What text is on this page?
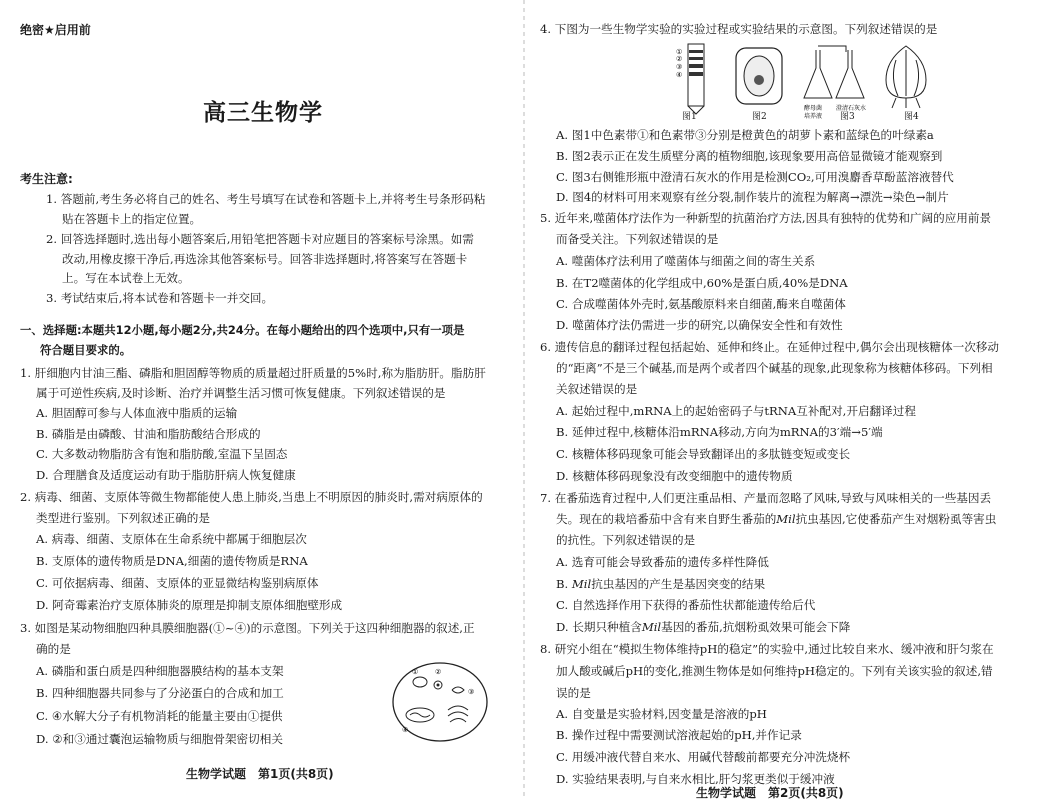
绝密★启用前
高三生物学
考生注意:
1. 答题前,考生务必将自己的姓名、考生号填写在试卷和答题卡上,并将考生号条形码粘
贴在答题卡上的指定位置。
2. 回答选择题时,选出每小题答案后,用铅笔把答题卡对应题目的答案标号涂黑。如需
改动,用橡皮擦干净后,再选涂其他答案标号。回答非选择题时,将答案写在答题卡
上。写在本试卷上无效。
3. 考试结束后,将本试卷和答题卡一并交回。
一、选择题:本题共12小题,每小题2分,共24分。在每小题给出的四个选项中,只有一项是
符合题目要求的。
1. 肝细胞内甘油三酯、磷脂和胆固醇等物质的质量超过肝质量的5%时,称为脂肪肝。脂肪肝
属于可逆性疾病,及时诊断、治疗并调整生活习惯可恢复健康。下列叙述错误的是
A. 胆固醇可参与人体血液中脂质的运输
B. 磷脂是由磷酸、甘油和脂肪酸结合形成的
C. 大多数动物脂肪含有饱和脂肪酸,室温下呈固态
D. 合理膳食及适度运动有助于脂肪肝病人恢复健康
2. 病毒、细菌、支原体等微生物都能使人患上肺炎,当患上不明原因的肺炎时,需对病原体的
类型进行鉴别。下列叙述正确的是
A. 病毒、细菌、支原体在生命系统中都属于细胞层次
B. 支原体的遗传物质是DNA,细菌的遗传物质是RNA
C. 可依据病毒、细菌、支原体的亚显微结构鉴别病原体
D. 阿奇霉素治疗支原体肺炎的原理是抑制支原体细胞壁形成
3. 如图是某动物细胞四种具膜细胞器(①~④)的示意图。下列关于这四种细胞器的叙述,正
确的是
A. 磷脂和蛋白质是四种细胞器膜结构的基本支架
B. 四种细胞器共同参与了分泌蛋白的合成和加工
C. ④水解大分子有机物消耗的能量主要由①提供
D. ②和③通过囊泡运输物质与细胞骨架密切相关
① ②
③
④
生物学试题　第1页(共8页)
4. 下图为一些生物学实验的实验过程或实验结果的示意图。下列叙述错误的是
①
②
③
④
酵母菌
培养液
澄清石灰水
图1	图2	图3	图4
A. 图1中色素带①和色素带③分别是橙黄色的胡萝卜素和蓝绿色的叶绿素a
B. 图2表示正在发生质壁分离的植物细胞,该现象要用高倍显微镜才能观察到
C. 图3右侧锥形瓶中澄清石灰水的作用是检测CO₂,可用溴麝香草酚蓝溶液替代
D. 图4的材料可用来观察有丝分裂,制作装片的流程为解离→漂洗→染色→制片
5. 近年来,噬菌体疗法作为一种新型的抗菌治疗方法,因具有独特的优势和广阔的应用前景
而备受关注。下列叙述错误的是
A. 噬菌体疗法利用了噬菌体与细菌之间的寄生关系
B. 在T2噬菌体的化学组成中,60%是蛋白质,40%是DNA
C. 合成噬菌体外壳时,氨基酸原料来自细菌,酶来自噬菌体
D. 噬菌体疗法仍需进一步的研究,以确保安全性和有效性
6. 遗传信息的翻译过程包括起始、延伸和终止。在延伸过程中,偶尔会出现核糖体一次移动
的“距离”不是三个碱基,而是两个或者四个碱基的现象,此现象称为核糖体移码。下列相
关叙述错误的是
A. 起始过程中,mRNA上的起始密码子与tRNA互补配对,开启翻译过程
B. 延伸过程中,核糖体沿mRNA移动,方向为mRNA的3′端→5′端
C. 核糖体移码现象可能会导致翻译出的多肽链变短或变长
D. 核糖体移码现象没有改变细胞中的遗传物质
7. 在番茄选育过程中,人们更注重品相、产量而忽略了风味,导致与风味相关的一些基因丢
失。现在的栽培番茄中含有来自野生番茄的Mil抗虫基因,它使番茄产生对烟粉虱等害虫
的抗性。下列叙述错误的是
A. 选育可能会导致番茄的遗传多样性降低
B. Mil抗虫基因的产生是基因突变的结果
C. 自然选择作用下获得的番茄性状都能遗传给后代
D. 长期只种植含Mil基因的番茄,抗烟粉虱效果可能会下降
8. 研究小组在“模拟生物体维持pH的稳定”的实验中,通过比较自来水、缓冲液和肝匀浆在
加人酸或碱后pH的变化,推测生物体是如何维持pH稳定的。下列有关该实验的叙述,错
误的是
A. 自变量是实验材料,因变量是溶液的pH
B. 操作过程中需要测试溶液起始的pH,并作记录
C. 用缓冲液代替自来水、用碱代替酸前都要充分冲洗烧杯
D. 实验结果表明,与自来水相比,肝匀浆更类似于缓冲液
生物学试题　第2页(共8页)
